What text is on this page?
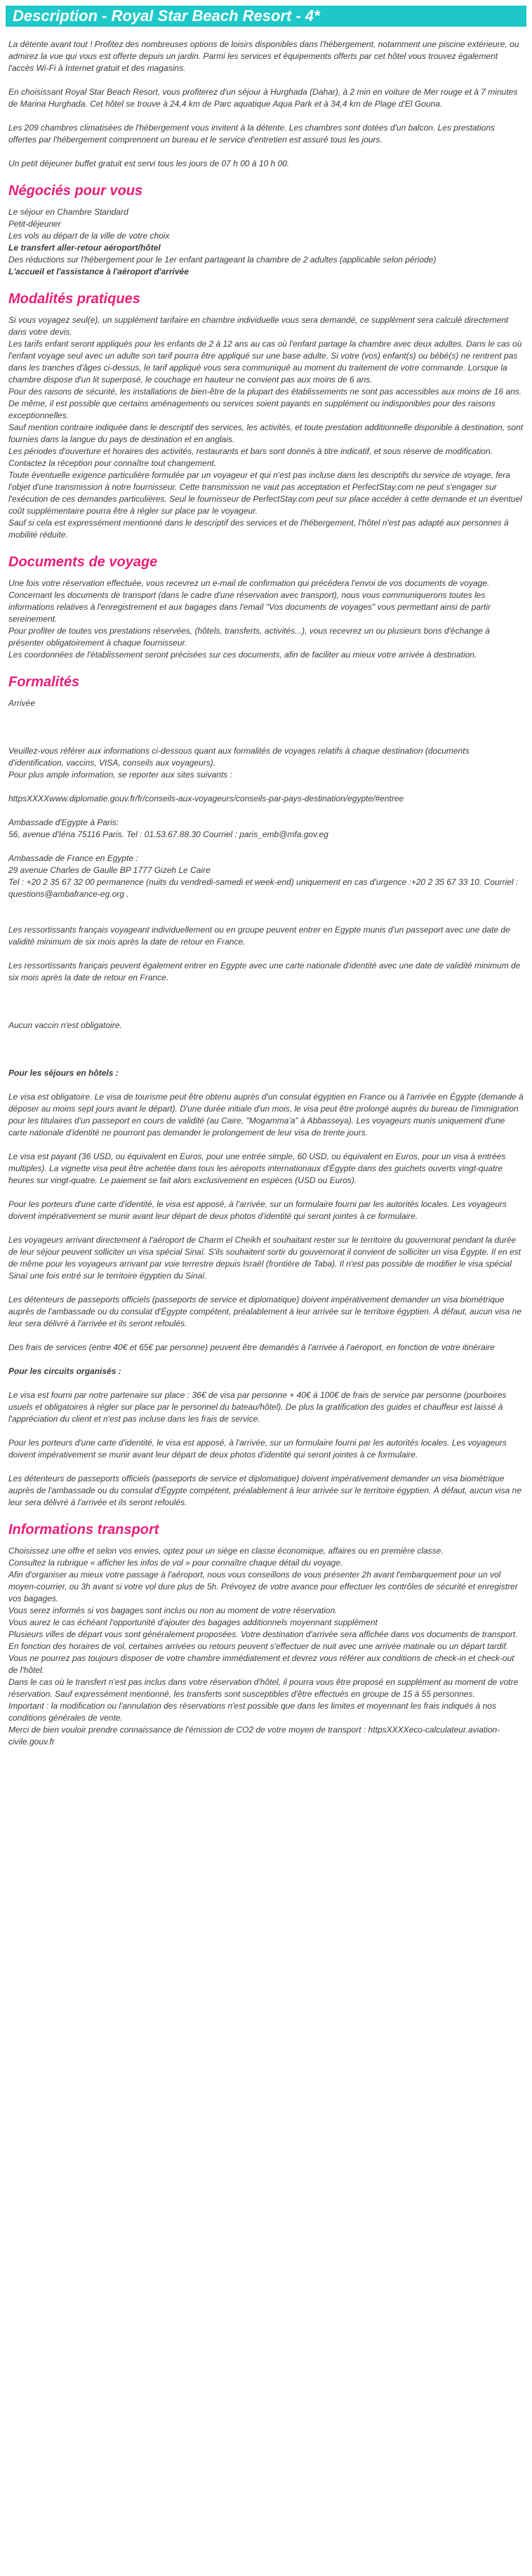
Description - Royal Star Beach Resort - 4*

La détente avant tout ! Profitez des nombreuses options de loisirs disponibles dans l'hébergement, notamment une piscine extérieure, ou admirez la vue qui vous est offerte depuis un jardin. Parmi les services et équipements offerts par cet hôtel vous trouvez également l'accès Wi-Fi à Internet gratuit et des magasins.

En choisissant Royal Star Beach Resort, vous profiterez d'un séjour à Hurghada (Dahar), à 2 min en voiture de Mer rouge et à 7 minutes de Marina Hurghada. Cet hôtel se trouve à 24,4 km de Parc aquatique Aqua Park et à 34,4 km de Plage d'El Gouna.

Les 209 chambres climatisées de l'hébergement vous invitent à la détente. Les chambres sont dotées d'un balcon. Les prestations offertes par l'hébergement comprennent un bureau et le service d'entretien est assuré tous les jours.

Un petit déjeuner buffet gratuit est servi tous les jours de 07 h 00 à 10 h 00.

Négociés pour vous

Le séjour en Chambre Standard

Petit-déjeuner

Les vols au départ de la ville de votre choix

Le transfert aller-retour aéroport/hôtel

Des réductions sur l'hébergement pour le 1er enfant partageant la chambre de 2 adultes (applicable selon période)

L'accueil et l'assistance à l'aéroport d'arrivée

Modalités pratiques

Si vous voyagez seul(e), un supplément tarifaire en chambre individuelle vous sera demandé, ce supplément sera calculé directement dans votre devis.

Les tarifs enfant seront appliqués pour les enfants de 2 à 12 ans au cas où l'enfant partage la chambre avec deux adultes. Dans le cas où l'enfant voyage seul avec un adulte son tarif pourra être appliqué sur une base adulte. Si votre (vos) enfant(s) ou bébé(s) ne rentrent pas dans les tranches d'âges ci-dessus, le tarif appliqué vous sera communiqué au moment du traitement de votre commande. Lorsque la chambre dispose d'un lit superposé, le couchage en hauteur ne convient pas aux moins de 6 ans.

Pour des raisons de sécurité, les installations de bien-être de la plupart des établissements ne sont pas accessibles aux moins de 16 ans. De même, il est possible que certains aménagements ou services soient payants en supplément ou indisponibles pour des raisons exceptionnelles.

Sauf mention contraire indiquée dans le descriptif des services, les activités, et toute prestation additionnelle disponible à destination, sont fournies dans la langue du pays de destination et en anglais.

Les périodes d'ouverture et horaires des activités, restaurants et bars sont donnés à titre indicatif, et sous réserve de modification. Contactez la réception pour connaître tout changement.

Toute éventuelle exigence particulière formulée par un voyageur et qui n'est pas incluse dans les descriptifs du service de voyage, fera l'objet d'une transmission à notre fournisseur. Cette transmission ne vaut pas acceptation et PerfectStay.com ne peut s'engager sur l'exécution de ces demandes particulières. Seul le fournisseur de PerfectStay.com peut sur place accéder à cette demande et un éventuel coût supplémentaire pourra être à régler sur place par le voyageur.

Sauf si cela est expressément mentionné dans le descriptif des services et de l'hébergement, l'hôtel n'est pas adapté aux personnes à mobilité réduite.

Documents de voyage

Une fois votre réservation effectuée, vous recevrez un e-mail de confirmation qui précédera l'envoi de vos documents de voyage.

Concernant les documents de transport (dans le cadre d'une réservation avec transport), nous vous communiquerons toutes les informations relatives à l'enregistrement et aux bagages dans l'email "Vos documents de voyages" vous permettant ainsi de partir sereinement.

Pour profiter de toutes vos prestations réservées, (hôtels, transferts, activités...), vous recevrez un ou plusieurs bons d'échange à présenter obligatoirement à chaque fournisseur.

Les coordonnées de l'établissement seront précisées sur ces documents, afin de faciliter au mieux votre arrivée à destination.

Formalités

Arrivée

Veuillez-vous référer aux informations ci-dessous quant aux formalités de voyages relatifs à chaque destination (documents d'identification, vaccins, VISA, conseils aux voyageurs).

Pour plus ample information, se reporter aux sites suivants :

httpsXXXXwww.diplomatie.gouv.fr/fr/conseils-aux-voyageurs/conseils-par-pays-destination/egypte/#entree

Ambassade d'Egypte à Paris:

56, avenue d'Iéna 75116 Paris. Tel : 01.53.67.88.30 Courriel : paris_emb@mfa.gov.eg

Ambassade de France en Egypte :

29 avenue Charles de Gaulle BP 1777 Gizeh Le Caire

Tel : +20 2 35 67 32 00 permanence (nuits du vendredi-samedi et week-end) uniquement en cas d'urgence :+20 2 35 67 33 10. Courriel : questions@ambafrance-eg.org .

Les ressortissants français voyageant individuellement ou en groupe peuvent entrer en Egypte munis d'un passeport avec une date de validité minimum de six mois après la date de retour en France.

Les ressortissants français peuvent également entrer en Egypte avec une carte nationale d'identité avec une date de validité minimum de six mois après la date de retour en France.

Aucun vaccin n'est obligatoire.

Pour les séjours en hôtels :

Le visa est obligatoire. Le visa de tourisme peut être obtenu auprès d'un consulat égyptien en France ou à l'arrivée en Égypte (demande à déposer au moins sept jours avant le départ). D'une durée initiale d'un mois, le visa peut être prolongé auprès du bureau de l'immigration pour les titulaires d'un passeport en cours de validité (au Caire, "Mogamma'a" à Abbasseya). Les voyageurs munis uniquement d'une carte nationale d'identité ne pourront pas demander le prolongement de leur visa de trente jours.

Le visa est payant (36 USD, ou équivalent en Euros, pour une entrée simple, 60 USD, ou équivalent en Euros, pour un visa à entrées multiples). La vignette visa peut être achetée dans tous les aéroports internationaux d'Égypte dans des guichets ouverts vingt-quatre heures sur vingt-quatre. Le paiement se fait alors exclusivement en espèces (USD ou Euros).

Pour les porteurs d'une carte d'identité, le visa est apposé, à l'arrivée, sur un formulaire fourni par les autorités locales. Les voyageurs doivent impérativement se munir avant leur départ de deux photos d'identité qui seront jointes à ce formulaire.

Les voyageurs arrivant directement à l'aéroport de Charm el Cheikh et souhaitant rester sur le territoire du gouvernorat pendant la durée de leur séjour peuvent solliciter un visa spécial Sinaï. S'ils souhaitent sortir du gouvernorat il convient de solliciter un visa Égypte. Il en est de même pour les voyageurs arrivant par voie terrestre depuis Israël (frontière de Taba). Il n'est pas possible de modifier le visa spécial Sinaï une fois entré sur le territoire égyptien du Sinaï.

Les détenteurs de passeports officiels (passeports de service et diplomatique) doivent impérativement demander un visa biométrique auprès de l'ambassade ou du consulat d'Égypte compétent, préalablement à leur arrivée sur le territoire égyptien. À défaut, aucun visa ne leur sera délivré à l'arrivée et ils seront refoulés.

Des frais de services (entre 40€ et 65€ par personne) peuvent être demandés à l'arrivée à l'aéroport, en fonction de votre itinéraire

Pour les circuits organisés :

Le visa est fourni par notre partenaire sur place : 36€ de visa par personne + 40€ à 100€ de frais de service par personne (pourboires usuels et obligatoires à régler sur place par le personnel du bateau/hôtel). De plus la gratification des guides et chauffeur est laissé à l'appréciation du client et n'est pas incluse dans les frais de service.

Pour les porteurs d'une carte d'identité, le visa est apposé, à l'arrivée, sur un formulaire fourni par les autorités locales. Les voyageurs doivent impérativement se munir avant leur départ de deux photos d'identité qui seront jointes à ce formulaire.

Les détenteurs de passeports officiels (passeports de service et diplomatique) doivent impérativement demander un visa biométrique auprès de l'ambassade ou du consulat d'Égypte compétent, préalablement à leur arrivée sur le territoire égyptien. À défaut, aucun visa ne leur sera délivré à l'arrivée et ils seront refoulés.

Informations transport

Choisissez une offre et selon vos envies, optez pour un siège en classe économique, affaires ou en première classe.

Consultez la rubrique « afficher les infos de vol » pour connaître chaque détail du voyage.

Afin d'organiser au mieux votre passage à l'aéroport, nous vous conseillons de vous présenter 2h avant l'embarquement pour un vol moyen-courrier, ou 3h avant si votre vol dure plus de 5h. Prévoyez de votre avance pour effectuer les contrôles de sécurité et enregistrer vos bagages.

Vous serez informés si vos bagages sont inclus ou non au moment de votre réservation.

Vous aurez le cas échéant l'opportunité d'ajouter des bagages additionnels moyennant supplément

Plusieurs villes de départ vous sont généralement proposées. Votre destination d'arrivée sera affichée dans vos documents de transport.

En fonction des horaires de vol, certaines arrivées ou retours peuvent s'effectuer de nuit avec une arrivée matinale ou un départ tardif. Vous ne pourrez pas toujours disposer de votre chambre immédiatement et devrez vous référer aux conditions de check-in et check-out de l'hôtel.

Dans le cas où le transfert n'est pas inclus dans votre réservation d'hôtel, il pourra vous être proposé en supplément au moment de votre réservation. Sauf expressément mentionné, les transferts sont susceptibles d'être effectués en groupe de 15 à 55 personnes.

Important : la modification ou l'annulation des réservations n'est possible que dans les limites et moyennant les frais indiqués à nos conditions générales de vente.

Merci de bien vouloir prendre connaissance de l'émission de CO2 de votre moyen de transport : httpsXXXXeco-calculateur.aviation-civile.gouv.fr
